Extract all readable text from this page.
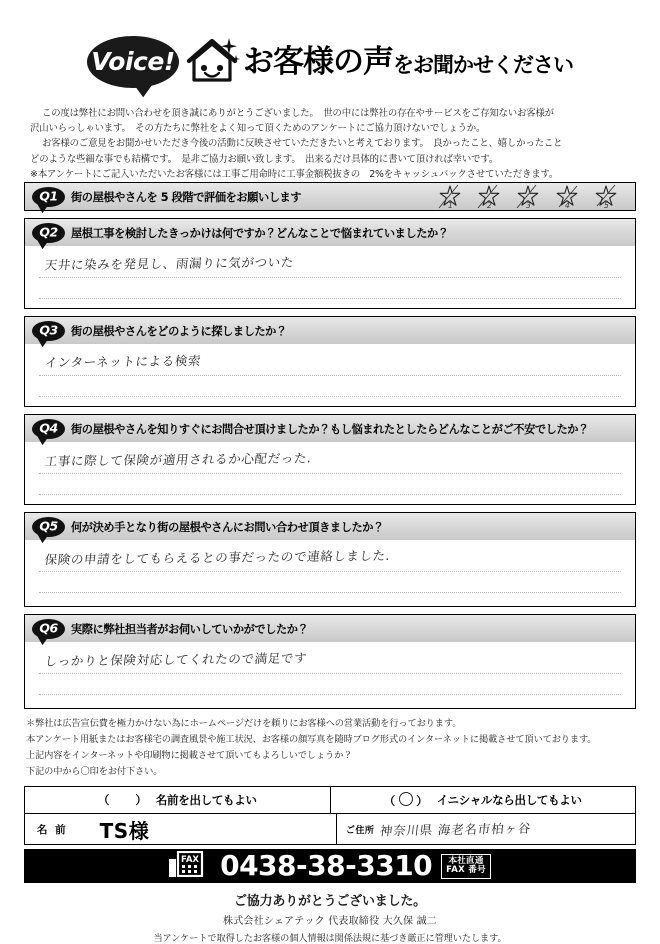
Voice! お客様の声をお聞かせください

この度は弊社にお問い合わせを頂き誠にありがとうございました。　世の中には弊社の存在やサービスをご存知ないお客様が

沢山いらっしゃいます。　その方たちに弊社をよく知って頂くためのアンケートにご協力頂けないでしょうか。

お客様のご意見をお聞かせいただき今後の活動に反映させていただきたいと考えております。　良かったこと、嬉しかったこと

どのような些細な事でも結構です。　是非ご協力お願い致します。　出来るだけ具体的に書いて頂ければ幸いです。

※本アンケートにご記入いただいたお客様には工事ご用命時に工事金額税抜きの　2%をキャッシュバックさせていただきます。

Q1 街の屋根やさんを 5 段階で評価をお願いします
1	2	3	4	5
Q2 屋根工事を検討したきっかけは何ですか？どんなことで悩まれていましたか？
天井に染みを発見し、雨漏りに気がついた
Q3 街の屋根やさんをどのように探しましたか？
インターネットによる検索
Q4 街の屋根やさんを知りすぐにお問合せ頂けましたか？もし悩まれたとしたらどんなことがご不安でしたか？
工事に際して保険が適用されるか心配だった.
Q5 何が決め手となり街の屋根やさんにお問い合わせ頂きましたか？
保険の申請をしてもらえるとの事だったので連絡しました.
Q6 実際に弊社担当者がお伺いしていかがでしたか？
しっかりと保険対応してくれたので満足です

＊弊社は広告宣伝費を極力かけない為にホームページだけを頼りにお客様への営業活動を行っております。

本アンケート用紙またはお客様宅の調査風景や施工状況、お客様の顔写真を随時ブログ形式のインターネットに掲載させて頂いております。

上記内容をインターネットや印刷物に掲載させて頂いてもよろしいでしょうか？

下記の中から〇印をお付下さい。

（　　） 名前を出してもよい	（ ○ ） イニシャルなら出してもよい
名 前 TS様	ご住所 神奈川県 海老名市柏ヶ谷
FAX 0438-38-3310	本社直通
FAX 番号
ご協力ありがとうございました。
株式会社シェアテック 代表取締役 大久保 誠二
当アンケートで取得したお客様の個人情報は関係法規に基づき厳正に管理いたします。
